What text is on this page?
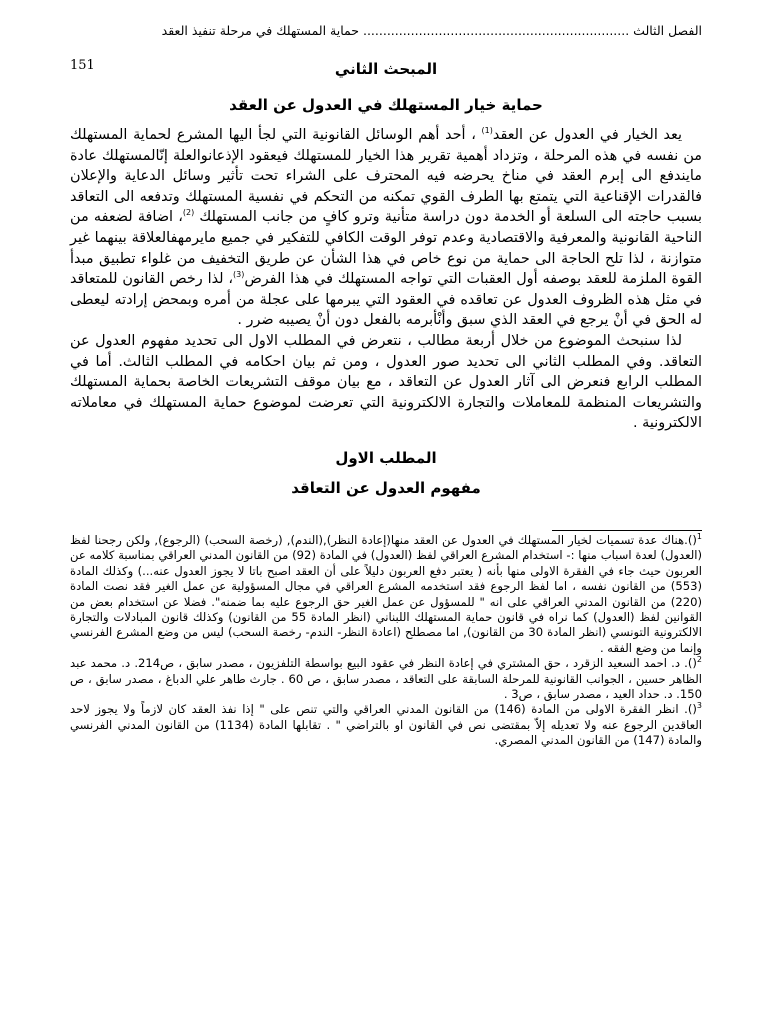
الفصل الثالث ................................................................... حماية المستهلك في مرحلة تنفيذ العقد
151	المبحث الثاني
حماية خيار المستهلك في العدول عن العقد

يعد الخيار في العدول عن العقد$^{(1)}$ ، أحد أهم الوسائل القانونية التي لجأ اليها المشرع لحماية المستهلك من نفسه في هذه المرحلة ، وتزداد أهمية تقرير هذا الخيار للمستهلك فيعقود الإذعانوالعلة إنّالمستهلك عادة مايندفع الى إبرم العقد في مناخ يحرضه فيه المحترف على الشراء تحت تأثير وسائل الدعاية والإعلان فالقدرات الإقناعية التي يتمتع بها الطرف القوي تمكنه من التحكم في نفسية المستهلك وتدفعه الى التعاقد بسبب حاجته الى السلعة أو الخدمة دون دراسة متأنية وترو كافٍ من جانب المستهلك $^{(2)}$، اضافة لضعفه من الناحية القانونية والمعرفية والاقتصادية وعدم توفر الوقت الكافي للتفكير في جميع مايرمهفالعلاقة بينهما غير متوازنة ، لذا تلح الحاجة الى حماية من نوع خاص في هذا الشأن عن طريق التخفيف من غلواء تطبيق مبدأ القوة الملزمة للعقد بوصفه أول العقبات التي تواجه المستهلك في هذا الفرض$^{(3)}$، لذا رخص القانون للمتعاقد في مثل هذه الظروف العدول عن تعاقده في العقود التي يبرمها على عجلة من أمره وبمحض إرادته ليعطى له الحق في أنْ يرجع في العقد الذي سبق وأنْأبرمه بالفعل دون أنْ يصيبه ضرر .

لذا سنبحث الموضوع من خلال أربعة مطالب ، نتعرض في المطلب الاول الى تحديد مفهوم العدول عن التعاقد. وفي المطلب الثاني الى تحديد صور العدول ، ومن ثم بيان احكامه في المطلب الثالث. أما في المطلب الرابع فنعرض الى آثار العدول عن التعاقد ، مع بيان موقف التشريعات الخاصة بحماية المستهلك والتشريعات المنظمة للمعاملات والتجارة الالكترونية التي تعرضت لموضوع حماية المستهلك في معاملاته الالكترونية .

المطلب الاول
مفهوم العدول عن التعاقد

$^1$().هناك عدة تسميات لخيار المستهلك في العدول عن العقد منها(إعادة النظر),(الندم), (رخصة السحب) (الرجوع), ولكن رجحنا لفظ (العدول) لعدة اسباب منها :- استخدام المشرع العراقي لفظ (العدول) في المادة (92) من القانون المدني العراقي بمناسبة كلامه عن العربون حيث جاء في الفقرة الاولى منها بأنه ( يعتبر دفع العربون دليلاً على أن العقد اصبح باتا لا يجوز العدول عنه...) وكذلك المادة (553) من القانون نفسه ، اما لفظ الرجوع فقد استخدمه المشرع العراقي في مجال المسؤولية عن عمل الغير فقد نصت المادة (220) من القانون المدني العراقي على انه " للمسؤول عن عمل الغير حق الرجوع عليه بما ضمنه". فضلا عن استخدام بعض من القوانين لفظ (العدول) كما نراه في قانون حماية المستهلك اللبناني (انظر المادة 55 من القانون) وكذلك قانون المبادلات والتجارة الالكترونية التونسي (انظر المادة 30 من القانون), اما مصطلح (اعادة النظر- الندم- رخصة السحب) ليس من وضع المشرع الفرنسي وإنما من وضع الفقه .

$^2$(). د. احمد السعيد الزقرد ، حق المشتري في إعادة النظر في عقود البيع بواسطة التلفزيون ، مصدر سابق ، ص214. د. محمد عبد الظاهر حسين ، الجوانب القانونية للمرحلة السابقة على التعاقد ، مصدر سابق ، ص 60 . جارث طاهر علي الدباغ ، مصدر سابق ، ص 150. د. حداد العيد ، مصدر سابق ، ص3 .

$^3$(). انظر الفقرة الاولى من المادة (146) من القانون المدني العراقي والتي تنص على " إذا نفذ العقد كان لازماً ولا يجوز لاحد العاقدين الرجوع عنه ولا تعديله إلاّ بمقتضى نص في القانون او بالتراضي " . تقابلها المادة (1134) من القانون المدني الفرنسي والمادة (147) من القانون المدني المصري.
